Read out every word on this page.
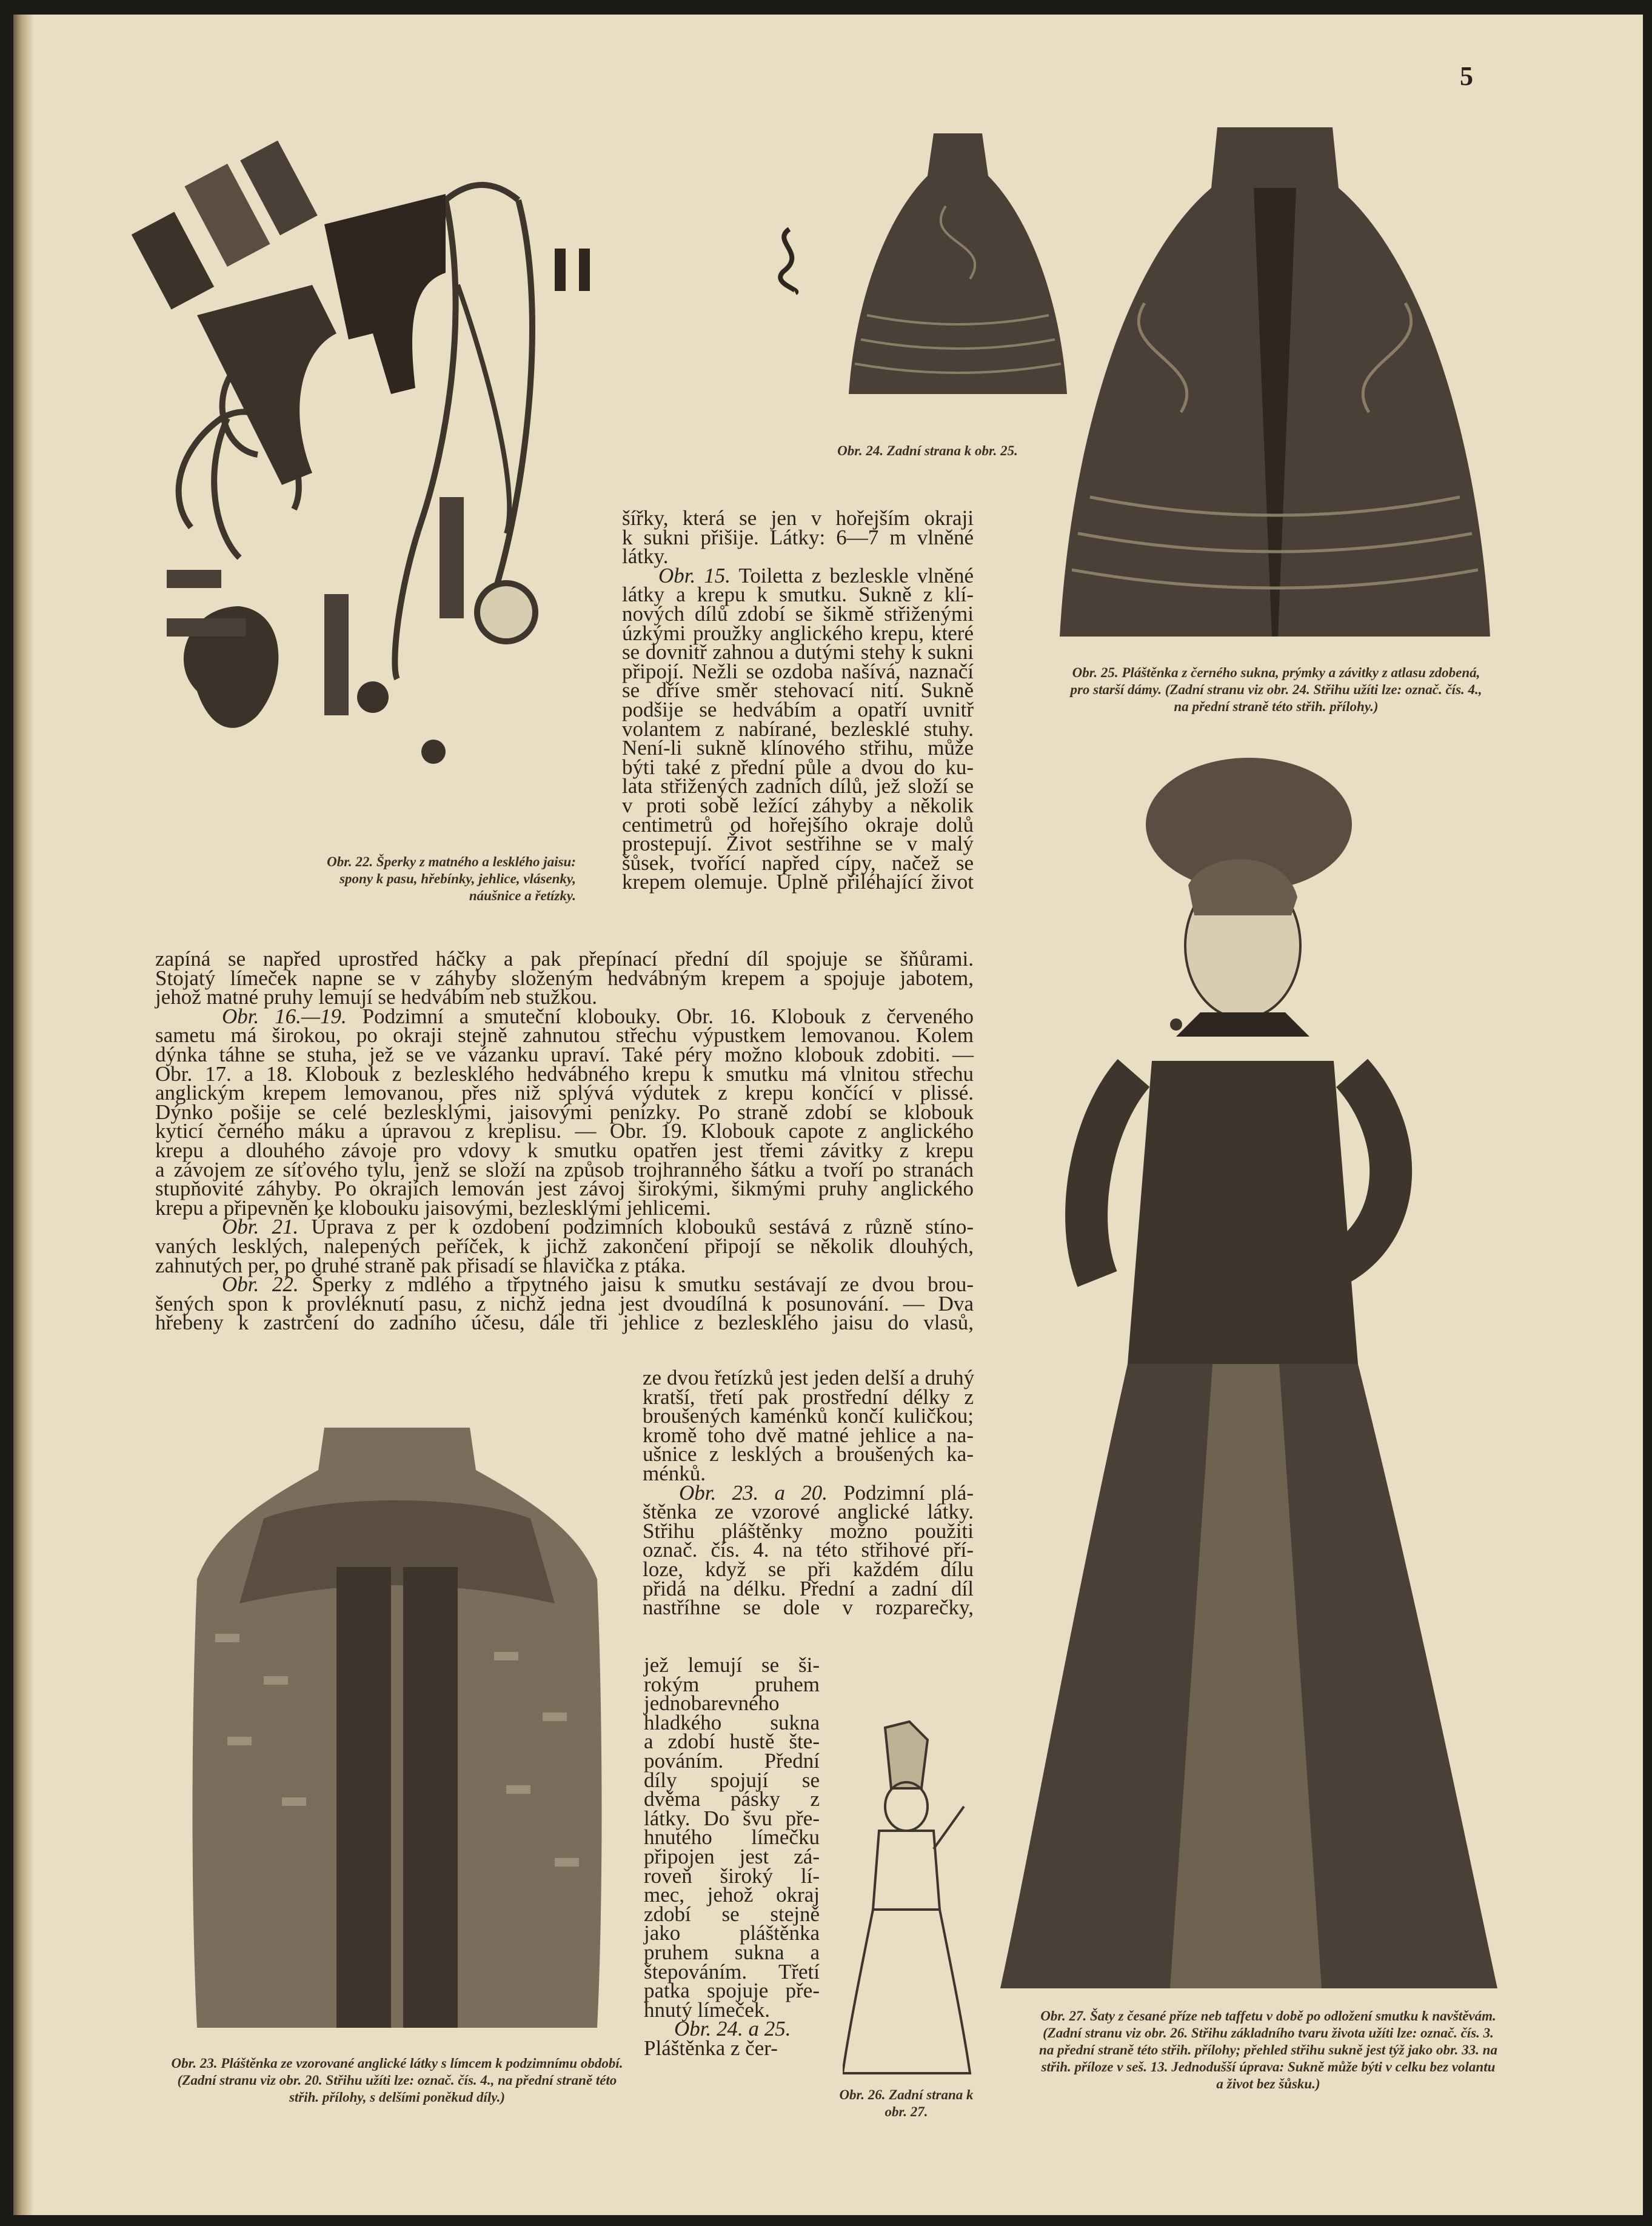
5
Obr. 22. Šperky z matného a lesklého jaisu: spony k pasu, hřebínky, jehlice, vlásenky, náušnice a řetízky.
Obr. 24. Zadní strana k obr. 25.
Obr. 25. Pláštěnka z černého sukna, prýmky a závitky z atlasu zdobená, pro starší dámy. (Zadní stranu viz obr. 24. Střihu užíti lze: označ. čís. 4., na přední straně této střih. přílohy.)
Obr. 27. Šaty z česané příze neb taffetu v době po odložení smutku k navštěvám. (Zadní stranu viz obr. 26. Střihu základního tvaru života užíti lze: označ. čís. 3. na přední straně této střih. přílohy; přehled střihu sukně jest týž jako obr. 33. na střih. příloze v seš. 13. Jednodušší úprava: Sukně může býti v celku bez volantu a život bez šůsku.)
Obr. 23. Pláštěnka ze vzorované anglické látky s límcem k podzimnímu období. (Zadní stranu viz obr. 20. Střihu užíti lze: označ. čís. 4., na přední straně této střih. přílohy, s delšími poněkud díly.)	Obr. 26. Zadní strana k obr. 27.
šířky, která se jen v hořejším okraji
k sukni přišije. Látky: 6—7 m vlněné
látky.
Obr. 15. Toiletta z bezleskle vlněné
látky a krepu k smutku. Sukně z klí-
nových dílů zdobí se šikmě střiženými
úzkými proužky anglického krepu, které
se dovnitř zahnou a dutými stehy k sukni
připojí. Nežli se ozdoba našívá, naznačí
se dříve směr stehovací nití. Sukně
podšije se hedvábím a opatří uvnitř
volantem z nabírané, bezlesklé stuhy.
Není-li sukně klínového střihu, může
býti také z přední půle a dvou do ku-
lata střižených zadních dílů, jež složí se
v proti sobě ležící záhyby a několik
centimetrů od hořejšího okraje dolů
prostepují. Život sestřihne se v malý
šůsek, tvořící napřed cípy, načež se
krepem olemuje. Úplně přiléhající život
zapíná se napřed uprostřed háčky a pak přepínací přední díl spojuje se šňůrami.
Stojatý límeček napne se v záhyby složeným hedvábným krepem a spojuje jabotem,
jehož matné pruhy lemují se hedvábím neb stužkou.
Obr. 16.—19. Podzimní a smuteční klobouky. Obr. 16. Klobouk z červeného
sametu má širokou, po okraji stejně zahnutou střechu výpustkem lemovanou. Kolem
dýnka táhne se stuha, jež se ve vázanku upraví. Také péry možno klobouk zdobiti. —
Obr. 17. a 18. Klobouk z bezlesklého hedvábného krepu k smutku má vlnitou střechu
anglickým krepem lemovanou, přes niž splývá výdutek z krepu končící v plissé.
Dýnko pošije se celé bezlesklými, jaisovými penízky. Po straně zdobí se klobouk
kyticí černého máku a úpravou z kreplisu. — Obr. 19. Klobouk capote z anglického
krepu a dlouhého závoje pro vdovy k smutku opatřen jest třemi závitky z krepu
a závojem ze síťového tylu, jenž se složí na způsob trojhranného šátku a tvoří po stranách
stupňovité záhyby. Po okrajích lemován jest závoj širokými, šikmými pruhy anglického
krepu a připevněn ke klobouku jaisovými, bezlesklými jehlicemi.
Obr. 21. Úprava z per k ozdobení podzimních klobouků sestává z různě stíno-
vaných lesklých, nalepených peříček, k jichž zakončení připojí se několik dlouhých,
zahnutých per, po druhé straně pak přisadí se hlavička z ptáka.
Obr. 22. Šperky z mdlého a třpytného jaisu k smutku sestávají ze dvou brou-
šených spon k provléknutí pasu, z nichž jedna jest dvoudílná k posunování. — Dva
hřebeny k zastrčení do zadního účesu, dále tři jehlice z bezlesklého jaisu do vlasů,
ze dvou řetízků jest jeden delší a druhý
kratší, třetí pak prostřední délky z
broušených kaménků končí kuličkou;
kromě toho dvě matné jehlice a na-
ušnice z lesklých a broušených ka-
ménků.
Obr. 23. a 20. Podzimní plá-
štěnka ze vzorové anglické látky.
Střihu pláštěnky možno použiti
označ. čís. 4. na této střihové pří-
loze, když se při každém dílu
přidá na délku. Přední a zadní díl
nastříhne se dole v rozparečky,
jež lemují se ši-
rokým pruhem
jednobarevného
hladkého sukna
a zdobí hustě šte-
pováním. Přední
díly spojují se
dvěma pásky z
látky. Do švu pře-
hnutého límečku
připojen jest zá-
roveň široký lí-
mec, jehož okraj
zdobí se stejně
jako pláštěnka
pruhem sukna a
štepováním. Třetí
patka spojuje pře-
hnutý límeček.
Obr. 24. a 25.
Pláštěnka z čer-
